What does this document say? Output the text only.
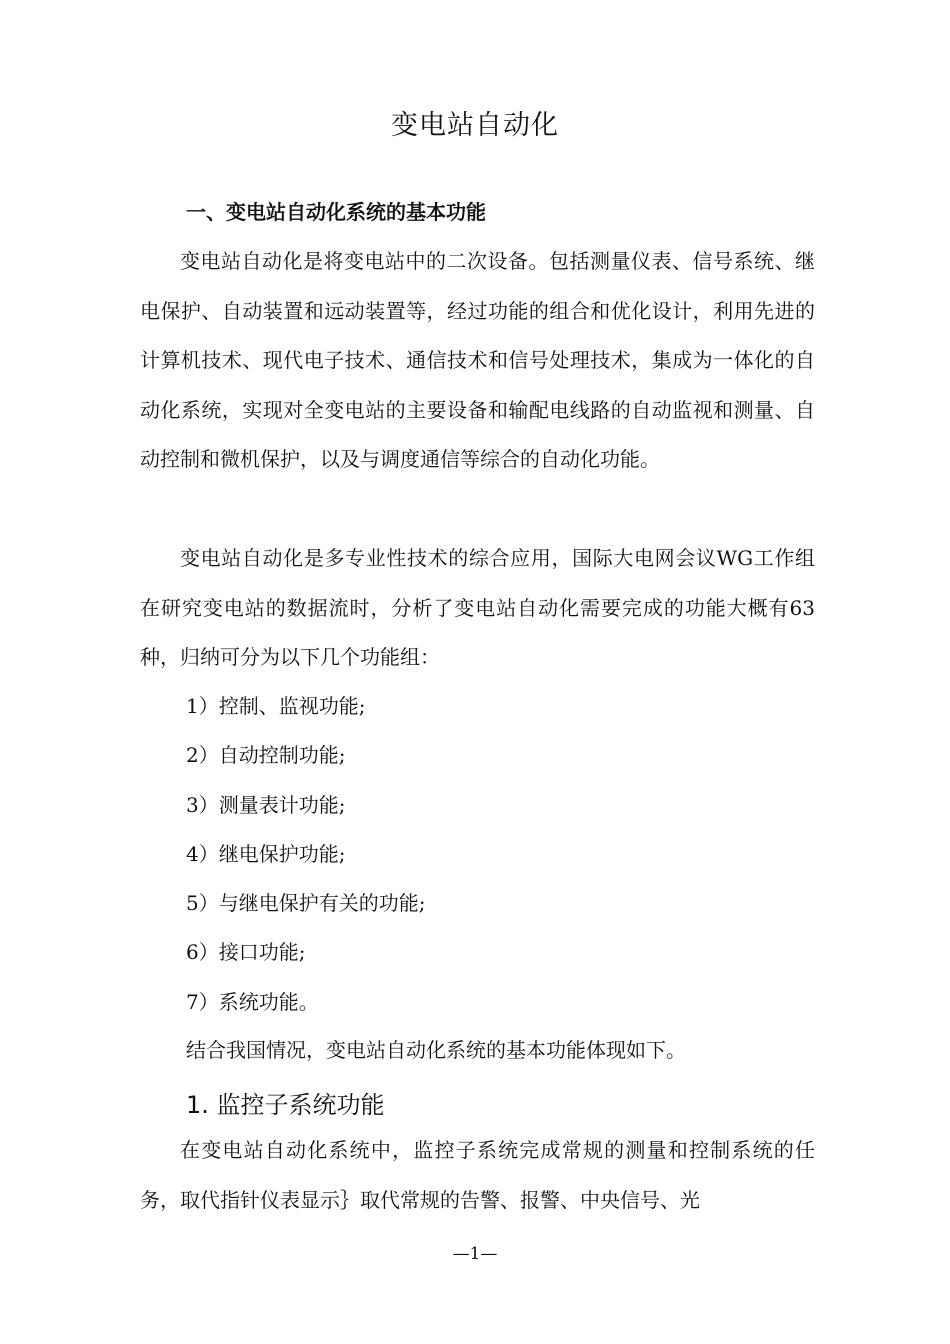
变电站自动化
一、变电站自动化系统的基本功能

变电站自动化是将变电站中的二次设备。包括测量仪表、信号系统、继电保护、自动装置和远动装置等，经过功能的组合和优化设计，利用先进的计算机技术、现代电子技术、通信技术和信号处理技术，集成为一体化的自动化系统，实现对全变电站的主要设备和输配电线路的自动监视和测量、自动控制和微机保护，以及与调度通信等综合的自动化功能。

变电站自动化是多专业性技术的综合应用，国际大电网会议WG工作组在研究变电站的数据流时，分析了变电站自动化需要完成的功能大概有63种，归纳可分为以下几个功能组：

1）控制、监视功能;
2）自动控制功能;
3）测量表计功能;
4）继电保护功能;
5）与继电保护有关的功能;
6）接口功能;
7）系统功能。

结合我国情况，变电站自动化系统的基本功能体现如下。

1. 监控子系统功能

在变电站自动化系统中，监控子系统完成常规的测量和控制系统的任务，取代指针仪表显示｝取代常规的告警、报警、中央信号、光

—1—
